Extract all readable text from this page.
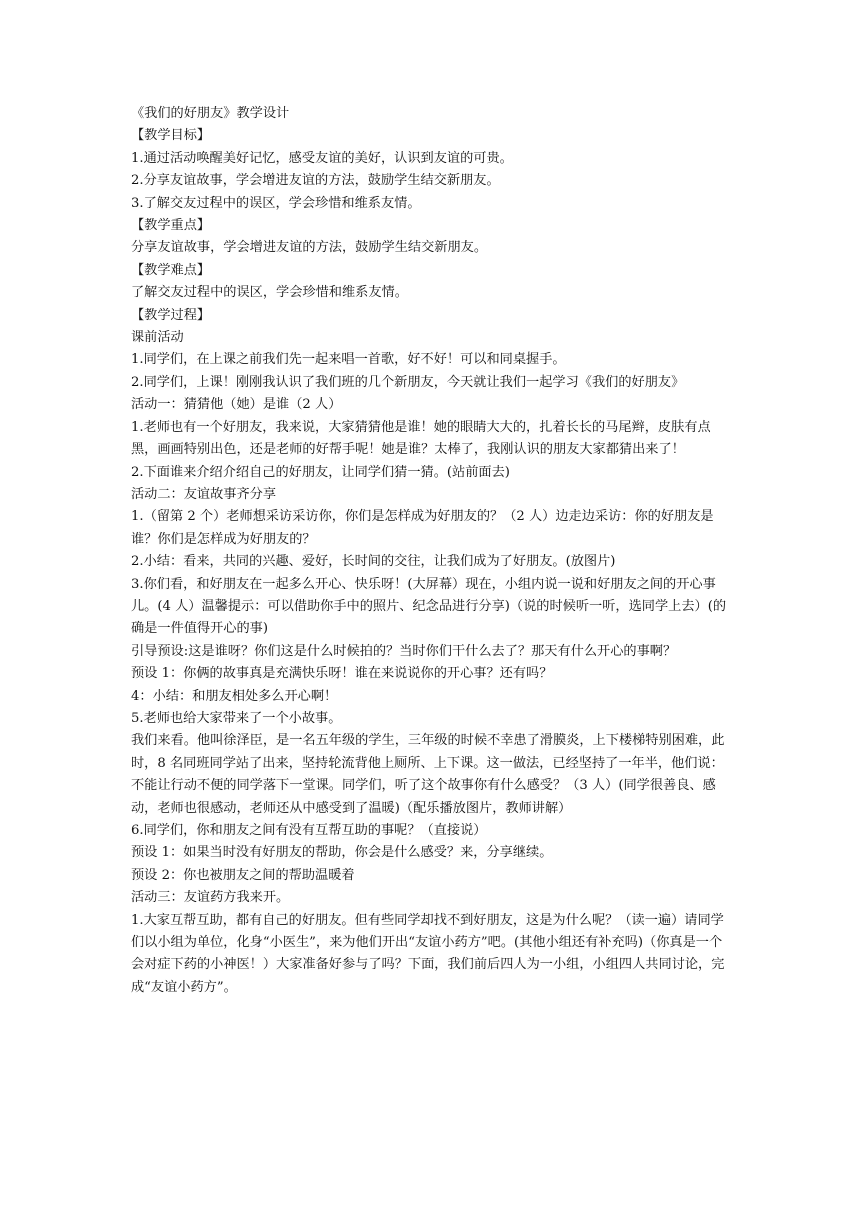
《我们的好朋友》教学设计
【教学目标】
1.通过活动唤醒美好记忆，感受友谊的美好，认识到友谊的可贵。
2.分享友谊故事，学会增进友谊的方法，鼓励学生结交新朋友。
3.了解交友过程中的误区，学会珍惜和维系友情。
【教学重点】
分享友谊故事，学会增进友谊的方法，鼓励学生结交新朋友。
【教学难点】
了解交友过程中的误区，学会珍惜和维系友情。
【教学过程】
课前活动
1.同学们，在上课之前我们先一起来唱一首歌，好不好！可以和同桌握手。
2.同学们，上课！刚刚我认识了我们班的几个新朋友，今天就让我们一起学习《我们的好朋友》
活动一：猜猜他（她）是谁（2 人）
1.老师也有一个好朋友，我来说，大家猜猜他是谁！她的眼睛大大的，扎着长长的马尾辫，皮肤有点黑，画画特别出色，还是老师的好帮手呢！她是谁？太棒了，我刚认识的朋友大家都猜出来了！
2.下面谁来介绍介绍自己的好朋友，让同学们猜一猜。(站前面去)
活动二：友谊故事齐分享
1.（留第 2 个）老师想采访采访你，你们是怎样成为好朋友的？（2 人）边走边采访：你的好朋友是谁？你们是怎样成为好朋友的？
2.小结：看来，共同的兴趣、爱好，长时间的交往，让我们成为了好朋友。(放图片)
3.你们看，和好朋友在一起多么开心、快乐呀！(大屏幕）现在，小组内说一说和好朋友之间的开心事儿。(4 人）温馨提示：可以借助你手中的照片、纪念品进行分享)（说的时候听一听，选同学上去）(的确是一件值得开心的事)
引导预设:这是谁呀？你们这是什么时候拍的？当时你们干什么去了？那天有什么开心的事啊？
预设 1：你俩的故事真是充满快乐呀！谁在来说说你的开心事？还有吗？
4：小结：和朋友相处多么开心啊！
5.老师也给大家带来了一个小故事。
我们来看。他叫徐泽臣，是一名五年级的学生，三年级的时候不幸患了滑膜炎，上下楼梯特别困难，此时，8 名同班同学站了出来，坚持轮流背他上厕所、上下课。这一做法，已经坚持了一年半，他们说：不能让行动不便的同学落下一堂课。同学们，听了这个故事你有什么感受？（3 人）(同学很善良、感动，老师也很感动，老师还从中感受到了温暖)（配乐播放图片，教师讲解）
6.同学们，你和朋友之间有没有互帮互助的事呢？（直接说）
预设 1：如果当时没有好朋友的帮助，你会是什么感受？来，分享继续。
预设 2：你也被朋友之间的帮助温暖着
活动三：友谊药方我来开。
1.大家互帮互助，都有自己的好朋友。但有些同学却找不到好朋友，这是为什么呢？（读一遍）请同学们以小组为单位，化身“小医生”，来为他们开出“友谊小药方”吧。(其他小组还有补充吗)（你真是一个会对症下药的小神医！）大家准备好参与了吗？下面，我们前后四人为一小组，小组四人共同讨论，完成“友谊小药方”。
